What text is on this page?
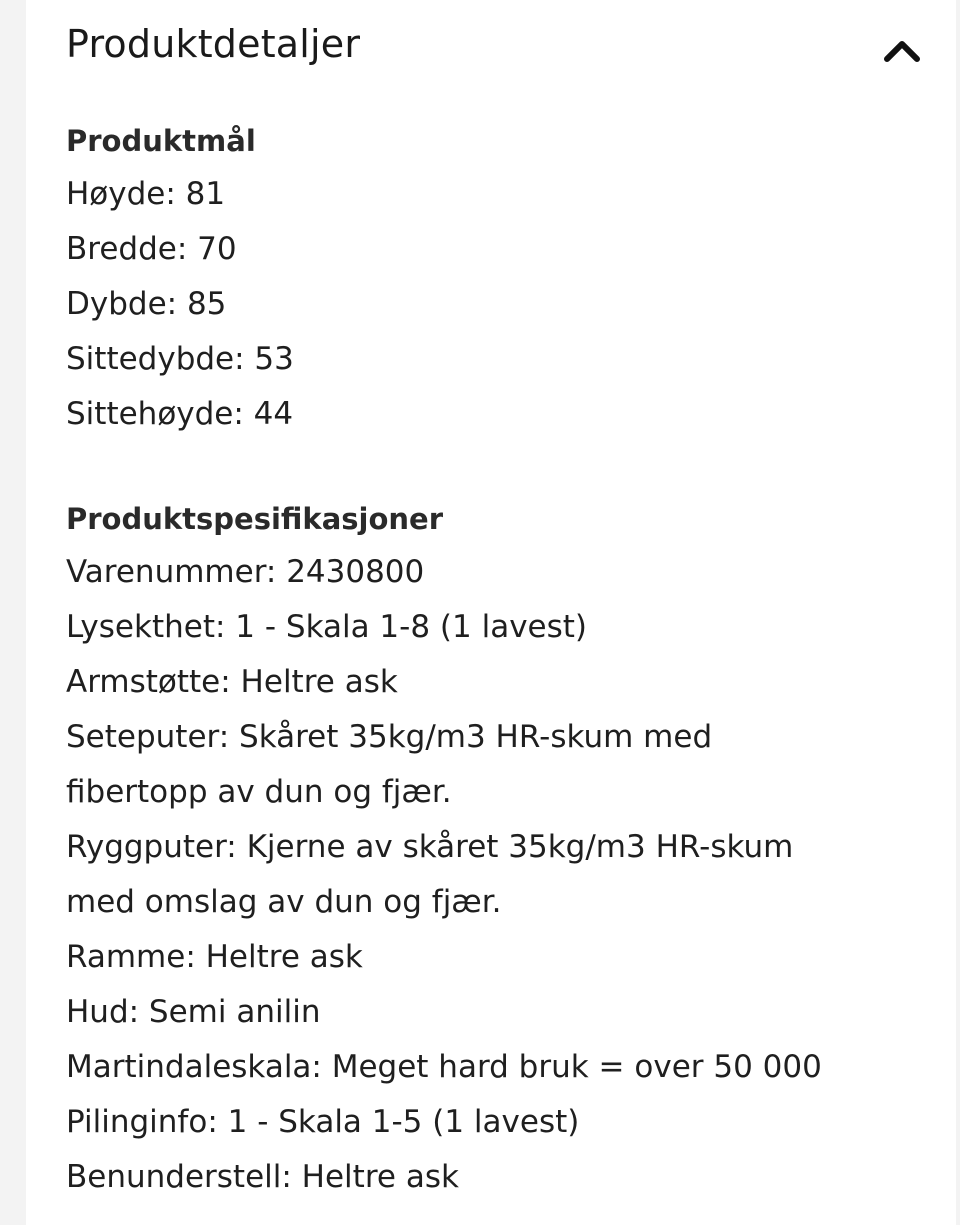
Produktdetaljer

Produktmål

Høyde: 81

Bredde: 70

Dybde: 85

Sittedybde: 53

Sittehøyde: 44

Produktspesifikasjoner

Varenummer: 2430800

Lysekthet: 1 - Skala 1-8 (1 lavest)

Armstøtte: Heltre ask

Seteputer: Skåret 35kg/m3 HR-skum med

fibertopp av dun og fjær.

Ryggputer: Kjerne av skåret 35kg/m3 HR-skum

med omslag av dun og fjær.

Ramme: Heltre ask

Hud: Semi anilin

Martindaleskala: Meget hard bruk = over 50 000

Pilinginfo: 1 - Skala 1-5 (1 lavest)

Benunderstell: Heltre ask
